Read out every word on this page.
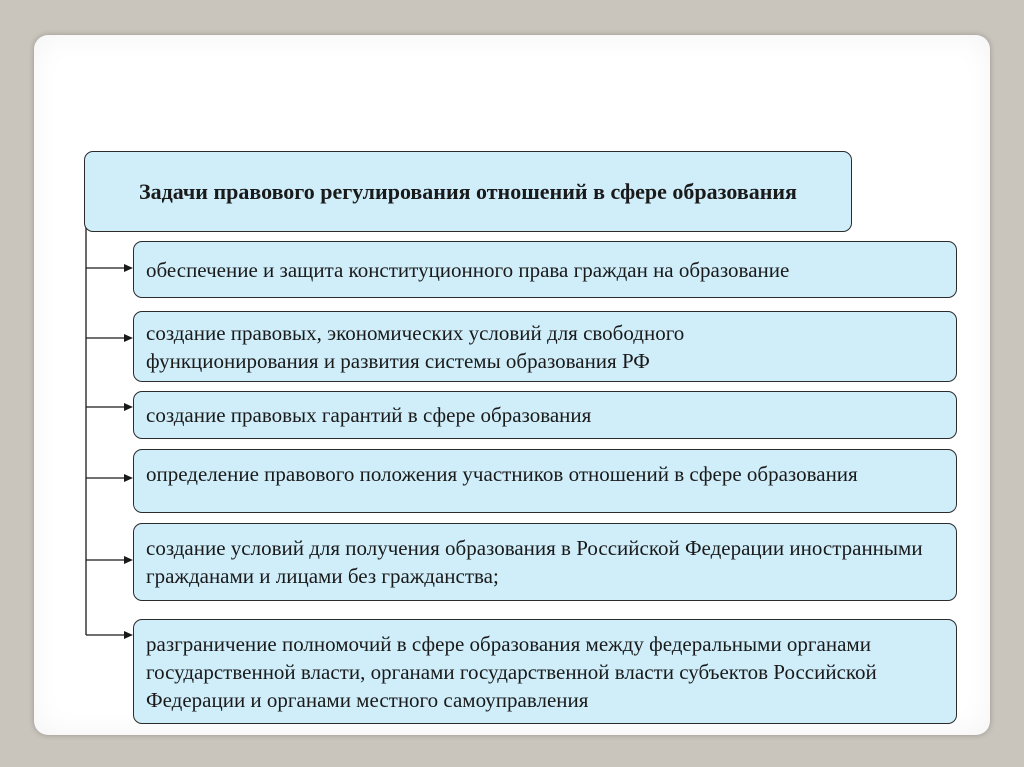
Задачи правового регулирования отношений в сфере образования
обеспечение и защита конституционного права граждан на образование
создание правовых, экономических условий для свободного функционирования и развития системы образования РФ
создание правовых гарантий в сфере образования
определение правового положения участников отношений в сфере образования
создание условий для получения образования в Российской Федерации иностранными гражданами и лицами без гражданства;
разграничение полномочий в сфере образования между федеральными органами государственной власти, органами государственной власти субъектов Российской Федерации и органами местного самоуправления
